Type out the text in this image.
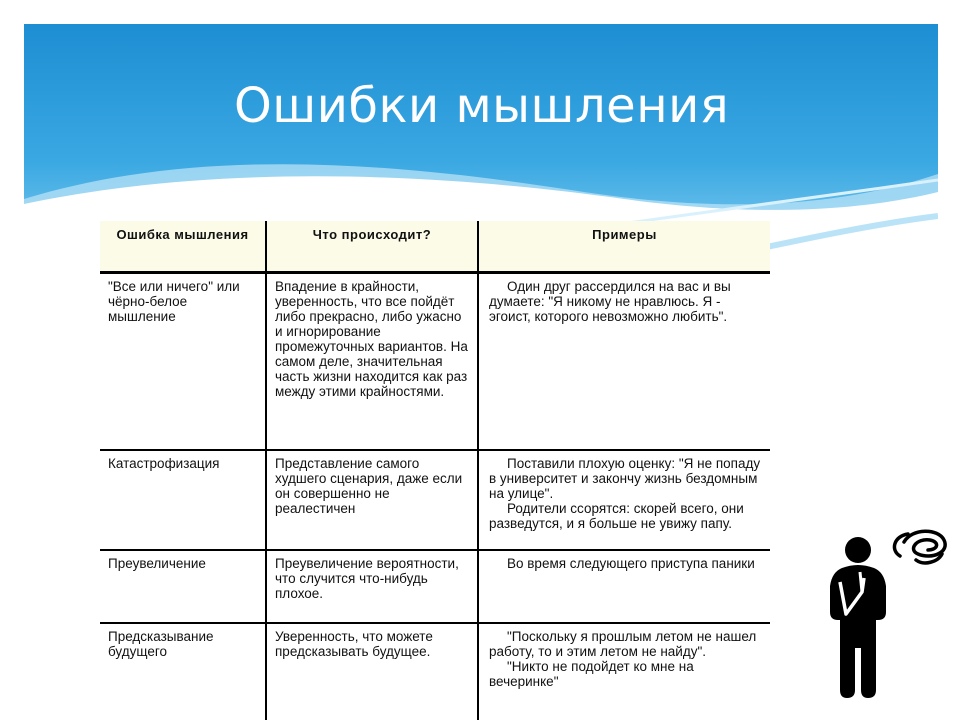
Ошибки мышления
Ошибка мышления	Что происходит?	Примеры
"Все или ничего" или чёрно-белое мышление	Впадение в крайности, уверенность, что все пойдёт либо прекрасно, либо ужасно и игнорирование промежуточных вариантов. На самом деле, значительная часть жизни находится как раз между этими крайностями.	Один друг рассердился на вас и вы думаете: "Я никому не нравлюсь. Я - эгоист, которого невозможно любить".

Катастрофизация	Представление самого худшего сценария, даже если он совершенно не реалестичен	Поставили плохую оценку: "Я не попаду в университет и закончу жизнь бездомным на улице".
Родители ссорятся: скорей всего, они разведутся, и я больше не увижу папу.

Преувеличение	Преувеличение вероятности, что случится что-нибудь плохое.	Во время следующего приступа паники

Предсказывание будущего	Уверенность, что можете предсказывать будущее.	"Поскольку я прошлым летом не нашел работу, то и этим летом не найду".
"Никто не подойдет ко мне на вечеринке"
